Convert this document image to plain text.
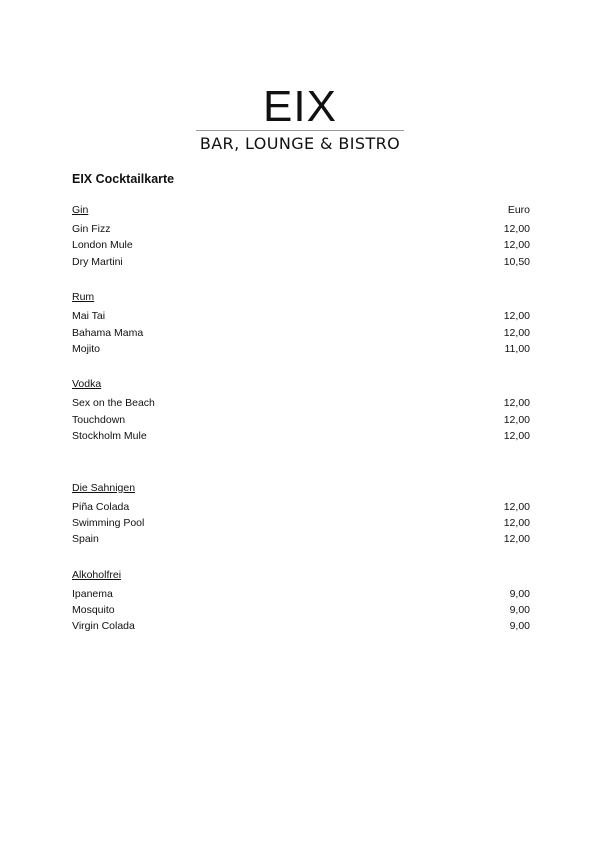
EIX
BAR, LOUNGE & BISTRO
EIX Cocktailkarte
Gin	Euro
Gin Fizz	12,00
London Mule	12,00
Dry Martini	10,50
Rum
Mai Tai	12,00
Bahama Mama	12,00
Mojito	11,00
Vodka
Sex on the Beach	12,00
Touchdown	12,00
Stockholm Mule	12,00
Die Sahnigen
Piña Colada	12,00
Swimming Pool	12,00
Spain	12,00
Alkoholfrei
Ipanema	9,00
Mosquito	9,00
Virgin Colada	9,00
